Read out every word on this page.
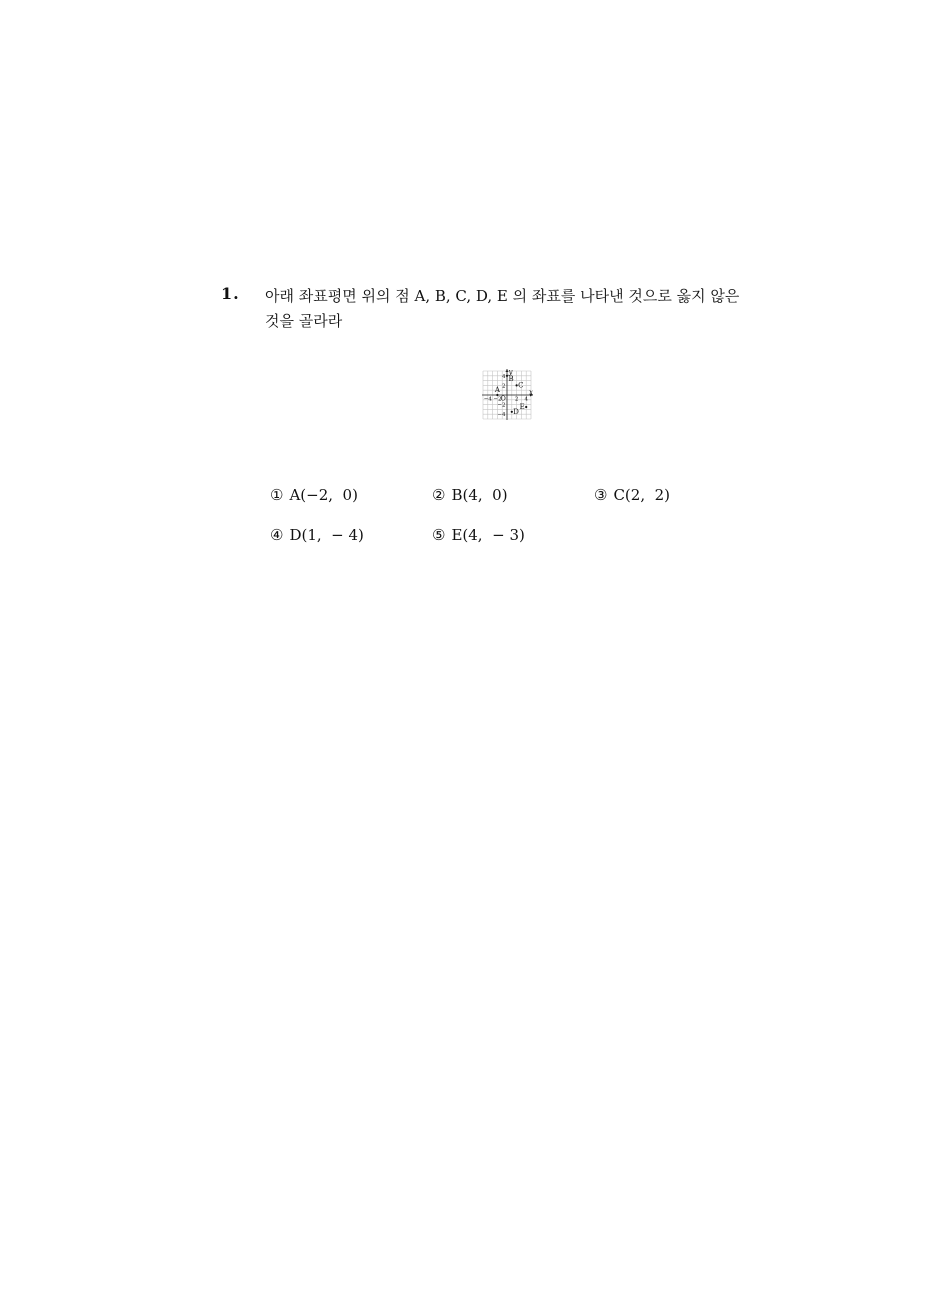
1. 아래 좌표평면 위의 점 A, B, C, D, E 의 좌표를 나타낸 것으로 옳지 않은
것을 골라라

x
y
O
−4 −2 2 4
4
2
−2
−4
A
B
C
D
E
① A(−2,  0)	② B(4,  0)	③ C(2,  2)
④ D(1,  − 4)	⑤ E(4,  − 3)
